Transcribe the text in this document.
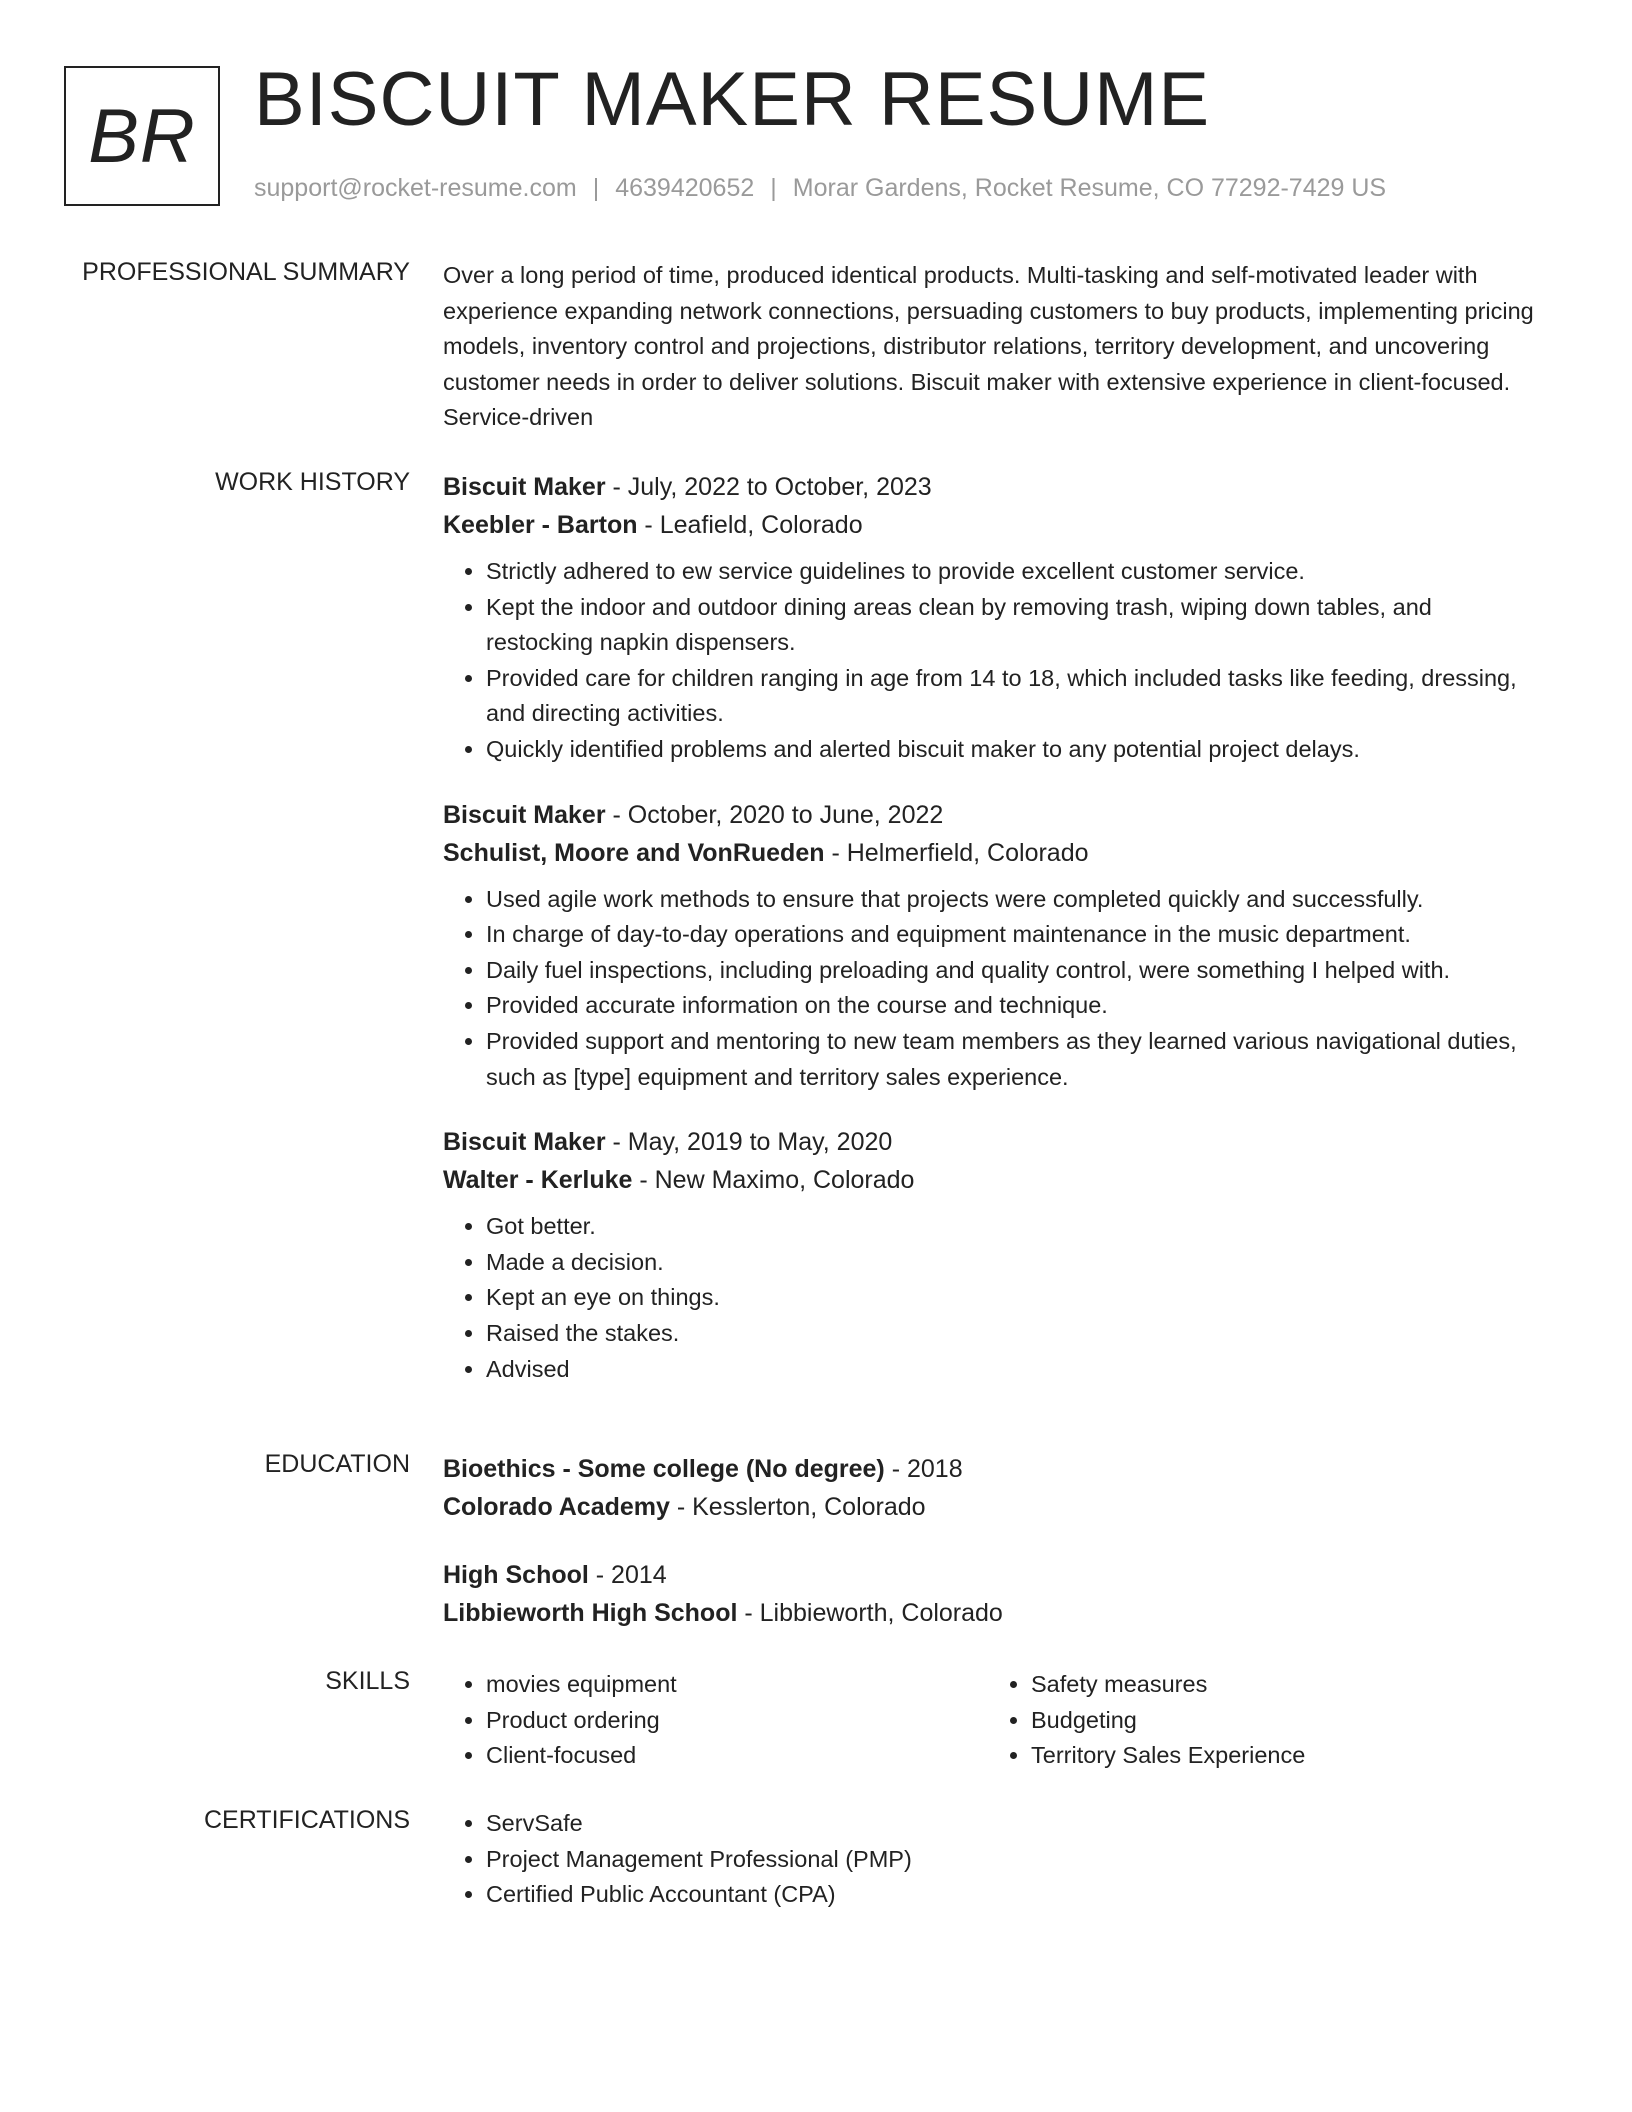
BR BISCUIT MAKER RESUME
support@rocket-resume.com | 4639420652 | Morar Gardens, Rocket Resume, CO 77292-7429 US
PROFESSIONAL SUMMARY Over a long period of time, produced identical products. Multi-tasking and self-motivated leader with experience expanding network connections, persuading customers to buy products, implementing pricing models, inventory control and projections, distributor relations, territory development, and uncovering customer needs in order to deliver solutions. Biscuit maker with extensive experience in client-focused. Service-driven

WORK HISTORY Biscuit Maker - July, 2022 to October, 2023
Keebler - Barton - Leafield, Colorado
• Strictly adhered to ew service guidelines to provide excellent customer service.
• Kept the indoor and outdoor dining areas clean by removing trash, wiping down tables, and restocking napkin dispensers.
• Provided care for children ranging in age from 14 to 18, which included tasks like feeding, dressing, and directing activities.
• Quickly identified problems and alerted biscuit maker to any potential project delays.
Biscuit Maker - October, 2020 to June, 2022
Schulist, Moore and VonRueden - Helmerfield, Colorado
• Used agile work methods to ensure that projects were completed quickly and successfully.
• In charge of day-to-day operations and equipment maintenance in the music department.
• Daily fuel inspections, including preloading and quality control, were something I helped with.
• Provided accurate information on the course and technique.
• Provided support and mentoring to new team members as they learned various navigational duties, such as [type] equipment and territory sales experience.
Biscuit Maker - May, 2019 to May, 2020
Walter - Kerluke - New Maximo, Colorado
• Got better.
• Made a decision.
• Kept an eye on things.
• Raised the stakes.
• Advised
EDUCATION Bioethics - Some college (No degree) - 2018
Colorado Academy - Kesslerton, Colorado
High School - 2014
Libbieworth High School - Libbieworth, Colorado
SKILLS	• movies equipment
• Product ordering
• Client-focused
• Safety measures
• Budgeting
• Territory Sales Experience
CERTIFICATIONS	• ServSafe
• Project Management Professional (PMP)
• Certified Public Accountant (CPA)
